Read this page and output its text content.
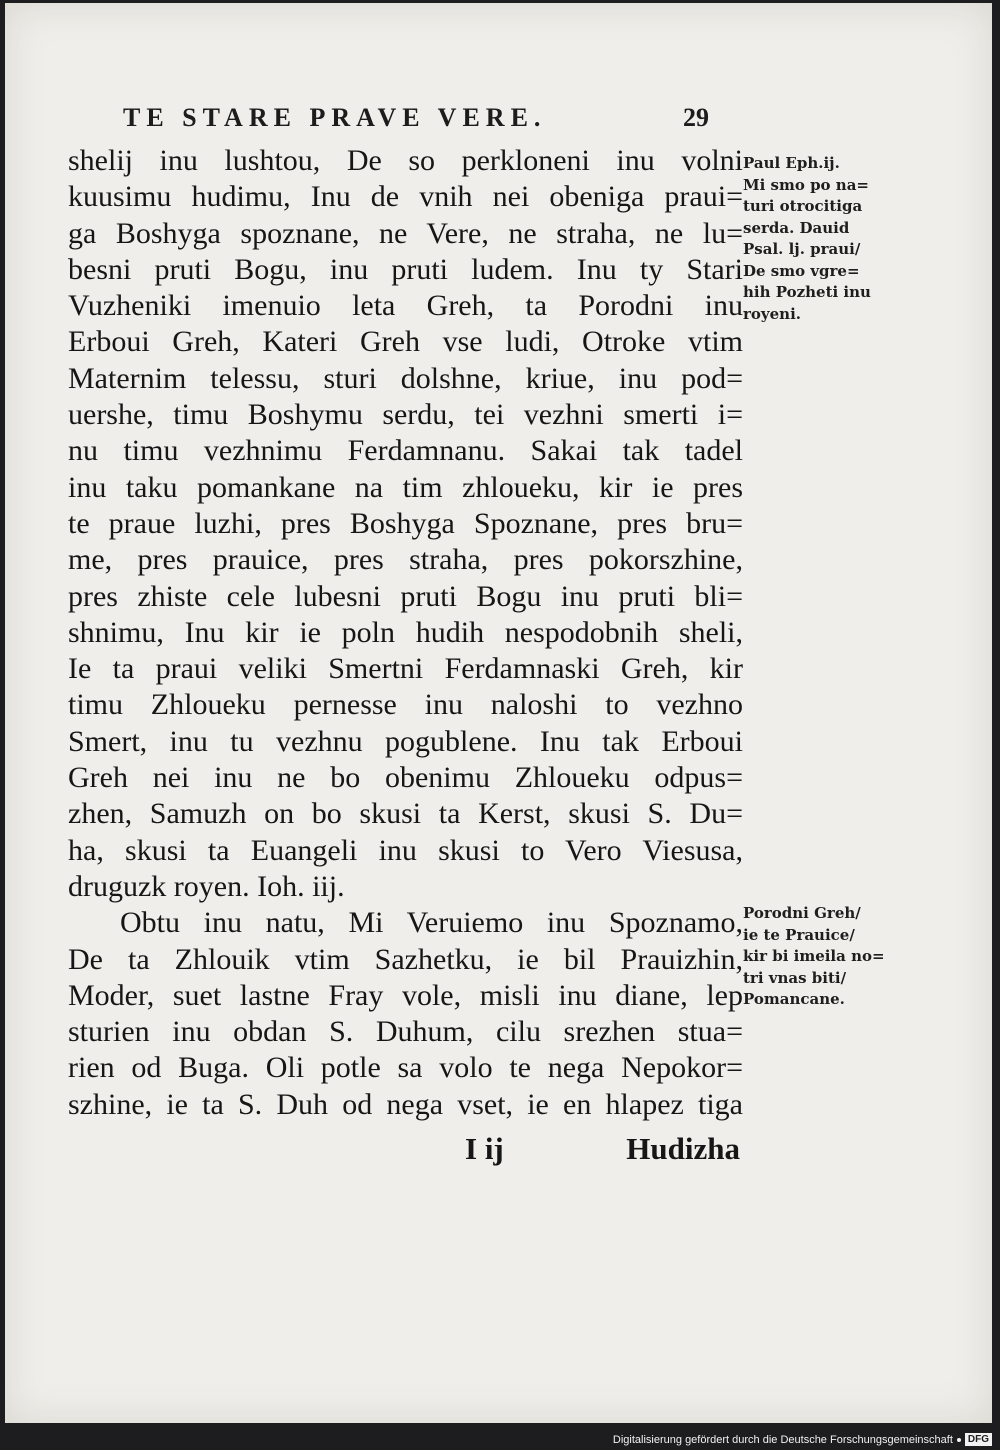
TE STARE PRAVE VERE.	29
shelij inu lushtou, De so perkloneni inu volni
kuusimu hudimu, Inu de vnih nei obeniga praui=
ga Boshyga spoznane, ne Vere, ne straha, ne lu=
besni pruti Bogu, inu pruti ludem. Inu ty Stari
Vuzheniki imenuio leta Greh, ta Porodni inu
Erboui Greh, Kateri Greh vse ludi, Otroke vtim
Maternim telessu, sturi dolshne, kriue, inu pod=
uershe, timu Boshymu serdu, tei vezhni smerti i=
nu timu vezhnimu Ferdamnanu. Sakai tak tadel
inu taku pomankane na tim zhloueku, kir ie pres
te praue luzhi, pres Boshyga Spoznane, pres bru=
me, pres prauice, pres straha, pres pokorszhine,
pres zhiste cele lubesni pruti Bogu inu pruti bli=
shnimu, Inu kir ie poln hudih nespodobnih sheli,
Ie ta praui veliki Smertni Ferdamnaski Greh, kir
timu Zhloueku pernesse inu naloshi to vezhno
Smert, inu tu vezhnu pogublene. Inu tak Erboui
Greh nei inu ne bo obenimu Zhloueku odpus=
zhen, Samuzh on bo skusi ta Kerst, skusi S. Du=
ha, skusi ta Euangeli inu skusi to Vero Viesusa,
druguzk royen. Ioh. iij.
Obtu inu natu, Mi Veruiemo inu Spoznamo,
De ta Zhlouik vtim Sazhetku, ie bil Prauizhin,
Moder, suet lastne Fray vole, misli inu diane, lep
sturien inu obdan S. Duhum, cilu srezhen stua=
rien od Buga. Oli potle sa volo te nega Nepokor=
szhine, ie ta S. Duh od nega vset, ie en hlapez tiga
I ij	Hudizha
Paul Eph.ij.
Mi smo po na=
turi otrocitiga
serda. Dauid
Psal. lj. praui/
De smo vgre=
hih Pozheti inu
royeni.
Porodni Greh/
ie te Prauice/
kir bi imeila no=
tri vnas biti/
Pomancane.
Digitalisierung gefördert durch die Deutsche Forschungsgemeinschaft	DFG
